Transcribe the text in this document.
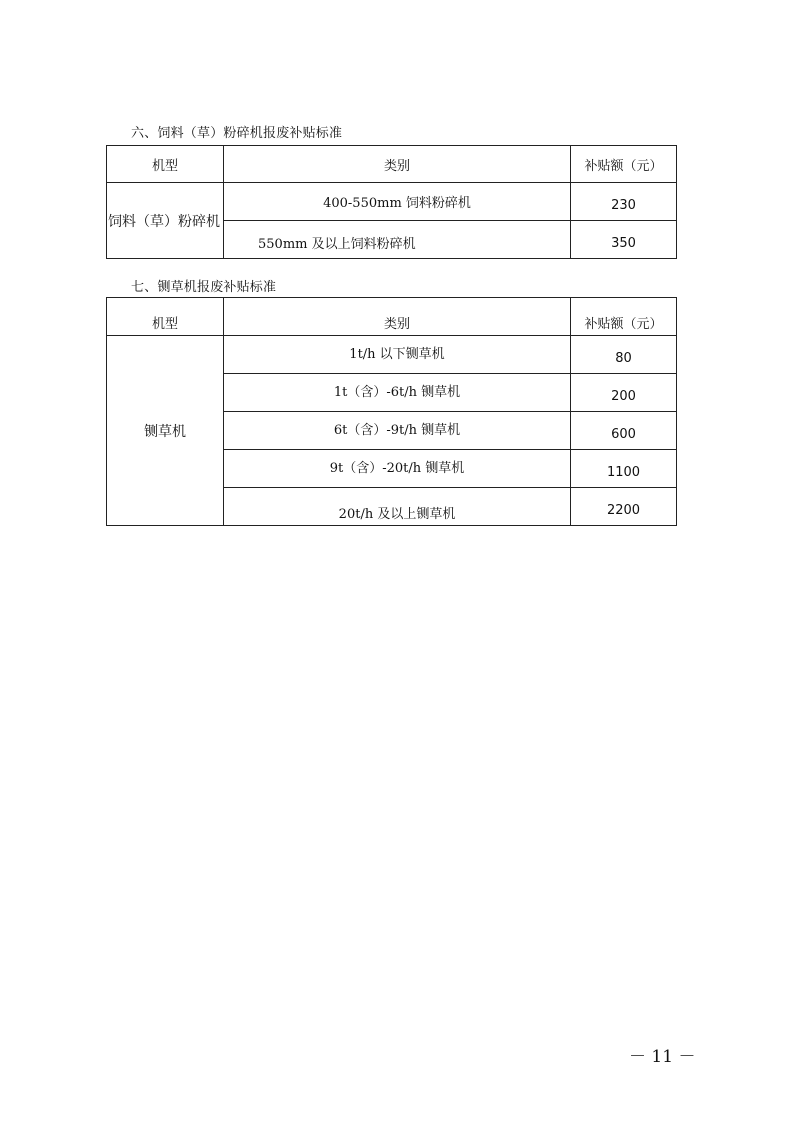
六、饲料（草）粉碎机报废补贴标准
机型	类别	补贴额（元）
饲料（草）粉碎机	400-550mm 饲料粉碎机	230
	550mm 及以上饲料粉碎机	350
七、铡草机报废补贴标准
机型	类别	补贴额（元）
铡草机	1t/h 以下铡草机	80
	1t（含）-6t/h 铡草机	200
	6t（含）-9t/h 铡草机	600
	9t（含）-20t/h 铡草机	1100
	20t/h 及以上铡草机	2200
－ 11 －
